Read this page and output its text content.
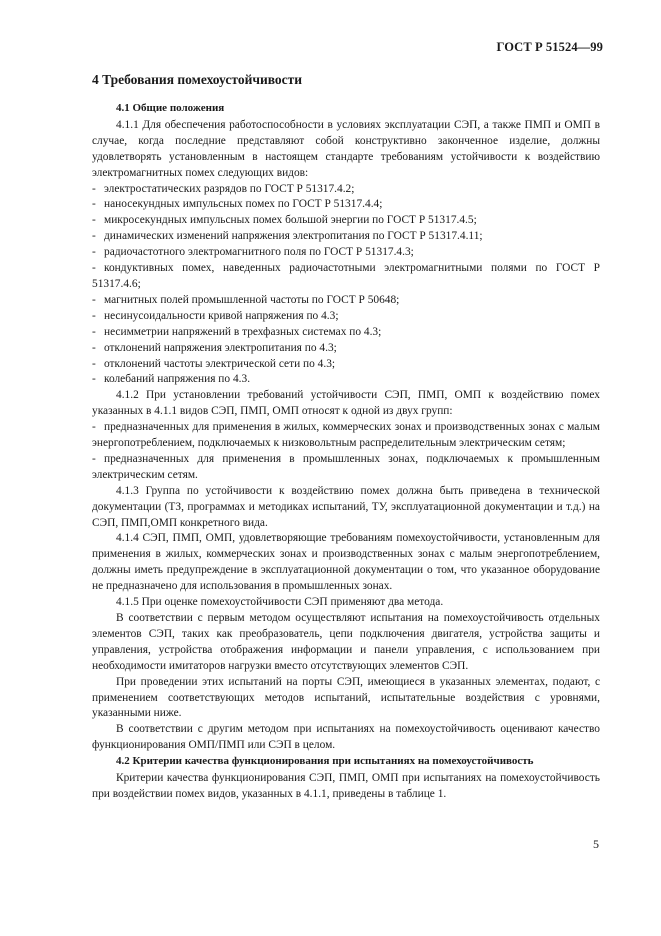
ГОСТ Р 51524—99
4 Требования помехоустойчивости

4.1 Общие положения

4.1.1 Для обеспечения работоспособности в условиях эксплуатации СЭП, а также ПМП и ОМП в случае, когда последние представляют собой конструктивно законченное изделие, должны удовлетворять установленным в настоящем стандарте требованиям устойчивости к воздействию электромагнитных помех следующих видов:

- электростатических разрядов по ГОСТ Р 51317.4.2;

- наносекундных импульсных помех по ГОСТ Р 51317.4.4;

- микросекундных импульсных помех большой энергии по ГОСТ Р 51317.4.5;

- динамических изменений напряжения электропитания по ГОСТ Р 51317.4.11;

- радиочастотного электромагнитного поля по ГОСТ Р 51317.4.3;

- кондуктивных помех, наведенных радиочастотными электромагнитными полями по ГОСТ Р 51317.4.6;

- магнитных полей промышленной частоты по ГОСТ Р 50648;

- несинусоидальности кривой напряжения по 4.3;

- несимметрии напряжений в трехфазных системах по 4.3;

- отклонений напряжения электропитания по 4.3;

- отклонений частоты электрической сети по 4.3;

- колебаний напряжения по 4.3.

4.1.2 При установлении требований устойчивости СЭП, ПМП, ОМП к воздействию помех указанных в 4.1.1 видов СЭП, ПМП, ОМП относят к одной из двух групп:

- предназначенных для применения в жилых, коммерческих зонах и производственных зонах с малым энергопотреблением, подключаемых к низковольтным распределительным электрическим сетям;

- предназначенных для применения в промышленных зонах, подключаемых к промышленным электрическим сетям.

4.1.3 Группа по устойчивости к воздействию помех должна быть приведена в технической документации (ТЗ, программах и методиках испытаний, ТУ, эксплуатационной документации и т.д.) на СЭП, ПМП,ОМП конкретного вида.

4.1.4 СЭП, ПМП, ОМП, удовлетворяющие требованиям помехоустойчивости, установленным для применения в жилых, коммерческих зонах и производственных зонах с малым энергопотреблением, должны иметь предупреждение в эксплуатационной документации о том, что указанное оборудование не предназначено для использования в промышленных зонах.

4.1.5 При оценке помехоустойчивости СЭП применяют два метода.

В соответствии с первым методом осуществляют испытания на помехоустойчивость отдельных элементов СЭП, таких как преобразователь, цепи подключения двигателя, устройства защиты и управления, устройства отображения информации и панели управления, с использованием при необходимости имитаторов нагрузки вместо отсутствующих элементов СЭП.

При проведении этих испытаний на порты СЭП, имеющиеся в указанных элементах, подают, с применением соответствующих методов испытаний, испытательные воздействия с уровнями, указанными ниже.

В соответствии с другим методом при испытаниях на помехоустойчивость оценивают качество функционирования ОМП/ПМП или СЭП в целом.

4.2 Критерии качества функционирования при испытаниях на помехоустойчивость

Критерии качества функционирования СЭП, ПМП, ОМП при испытаниях на помехоустойчивость при воздействии помех видов, указанных в 4.1.1, приведены в таблице 1.

5
